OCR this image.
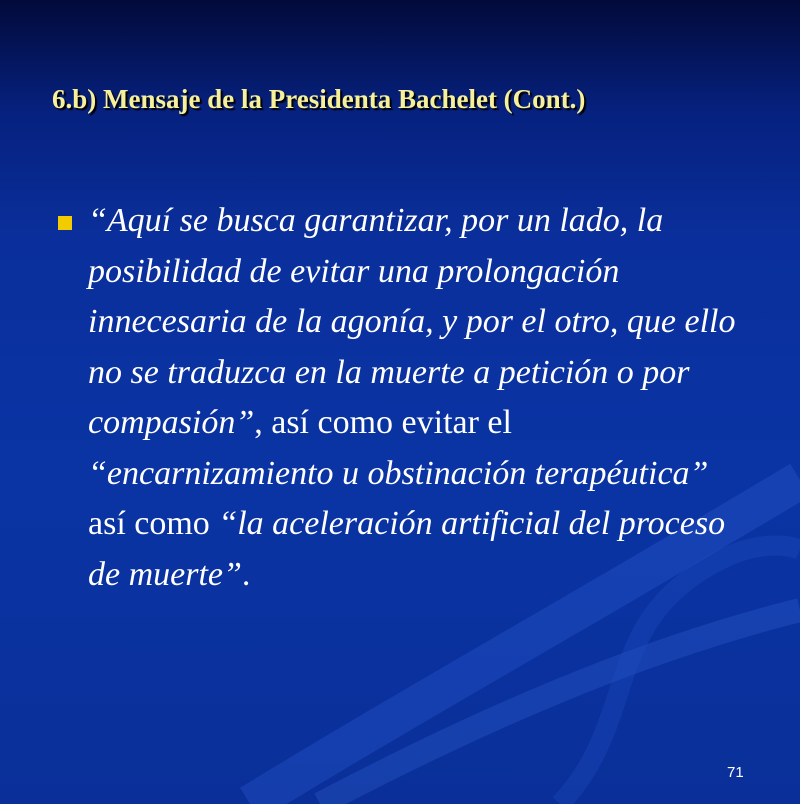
6.b) Mensaje de la Presidenta Bachelet (Cont.)

“Aquí se busca garantizar, por un lado, la posibilidad de evitar una prolongación innecesaria de la agonía, y por el otro, que ello no se traduzca en la muerte a petición o por compasión”, así como evitar el “encarnizamiento u obstinación terapéutica” así como “la aceleración artificial del proceso de muerte”.

71
